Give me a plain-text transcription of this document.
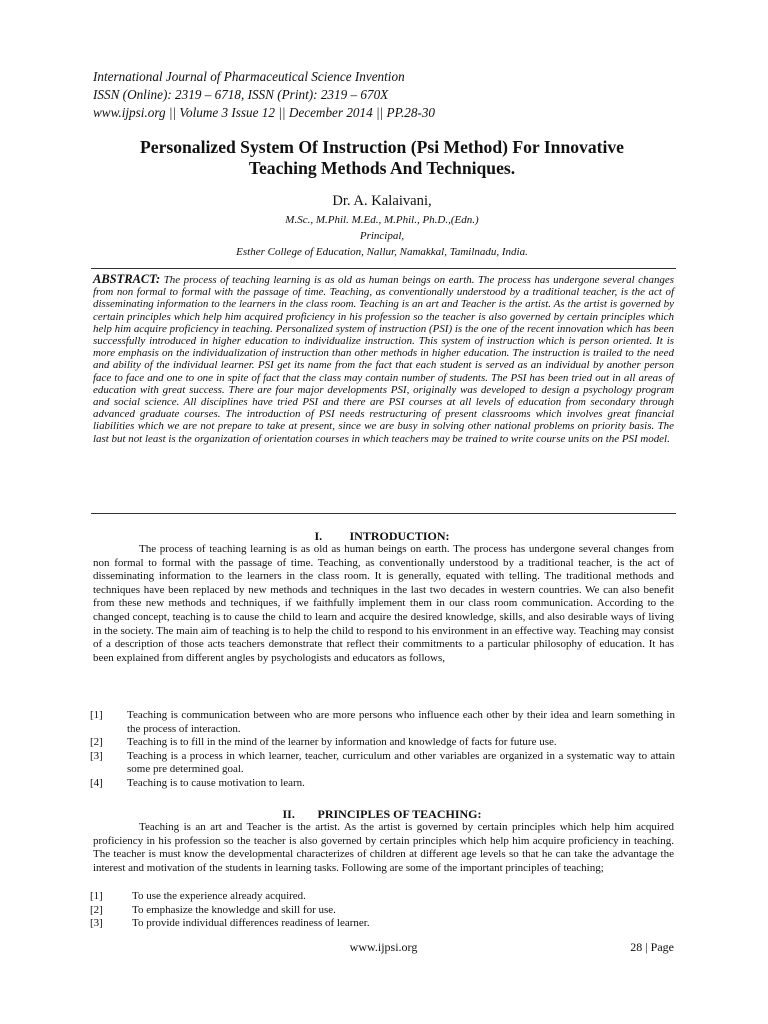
International Journal of Pharmaceutical Science Invention
ISSN (Online): 2319 – 6718, ISSN (Print): 2319 – 670X
www.ijpsi.org || Volume 3 Issue 12 || December 2014 || PP.28-30
Personalized System Of Instruction (Psi Method) For Innovative
Teaching Methods And Techniques.
Dr. A. Kalaivani,
M.Sc., M.Phil. M.Ed., M.Phil., Ph.D.,(Edn.)
Principal,
Esther College of Education, Nallur, Namakkal, Tamilnadu, India.
ABSTRACT: The process of teaching learning is as old as human beings on earth. The process has undergone several changes from non formal to formal with the passage of time. Teaching, as conventionally understood by a traditional teacher, is the act of disseminating information to the learners in the class room. Teaching is an art and Teacher is the artist. As the artist is governed by certain principles which help him acquired proficiency in his profession so the teacher is also governed by certain principles which help him acquire proficiency in teaching. Personalized system of instruction (PSI) is the one of the recent innovation which has been successfully introduced in higher education to individualize instruction. This system of instruction which is person oriented. It is more emphasis on the individualization of instruction than other methods in higher education. The instruction is trailed to the need and ability of the individual learner. PSI get its name from the fact that each student is served as an individual by another person face to face and one to one in spite of fact that the class may contain number of students. The PSI has been tried out in all areas of education with great success. There are four major developments PSI, originally was developed to design a psychology program and social science. All disciplines have tried PSI and there are PSI courses at all levels of education from secondary through advanced graduate courses. The introduction of PSI needs restructuring of present classrooms which involves great financial liabilities which we are not prepare to take at present, since we are busy in solving other national problems on priority basis. The last but not least is the organization of orientation courses in which teachers may be trained to write course units on the PSI model.
I. INTRODUCTION:
The process of teaching learning is as old as human beings on earth. The process has undergone several changes from non formal to formal with the passage of time. Teaching, as conventionally understood by a traditional teacher, is the act of disseminating information to the learners in the class room. It is generally, equated with telling. The traditional methods and techniques have been replaced by new methods and techniques in the last two decades in western countries. We can also benefit from these new methods and techniques, if we faithfully implement them in our class room communication. According to the changed concept, teaching is to cause the child to learn and acquire the desired knowledge, skills, and also desirable ways of living in the society. The main aim of teaching is to help the child to respond to his environment in an effective way. Teaching may consist of a description of those acts teachers demonstrate that reflect their commitments to a particular philosophy of education. It has been explained from different angles by psychologists and educators as follows,
[1]	Teaching is communication between who are more persons who influence each other by their idea and learn something in the process of interaction.
[2]	Teaching is to fill in the mind of the learner by information and knowledge of facts for future use.
[3]	Teaching is a process in which learner, teacher, curriculum and other variables are organized in a systematic way to attain some pre determined goal.
[4]	Teaching is to cause motivation to learn.
II. PRINCIPLES OF TEACHING:
Teaching is an art and Teacher is the artist. As the artist is governed by certain principles which help him acquired proficiency in his profession so the teacher is also governed by certain principles which help him acquire proficiency in teaching. The teacher is must know the developmental characterizes of children at different age levels so that he can take the advantage the interest and motivation of the students in learning tasks. Following are some of the important principles of teaching;
[1]	To use the experience already acquired.
[2]	To emphasize the knowledge and skill for use.
[3]	To provide individual differences readiness of learner.
www.ijpsi.org	28 | Page
